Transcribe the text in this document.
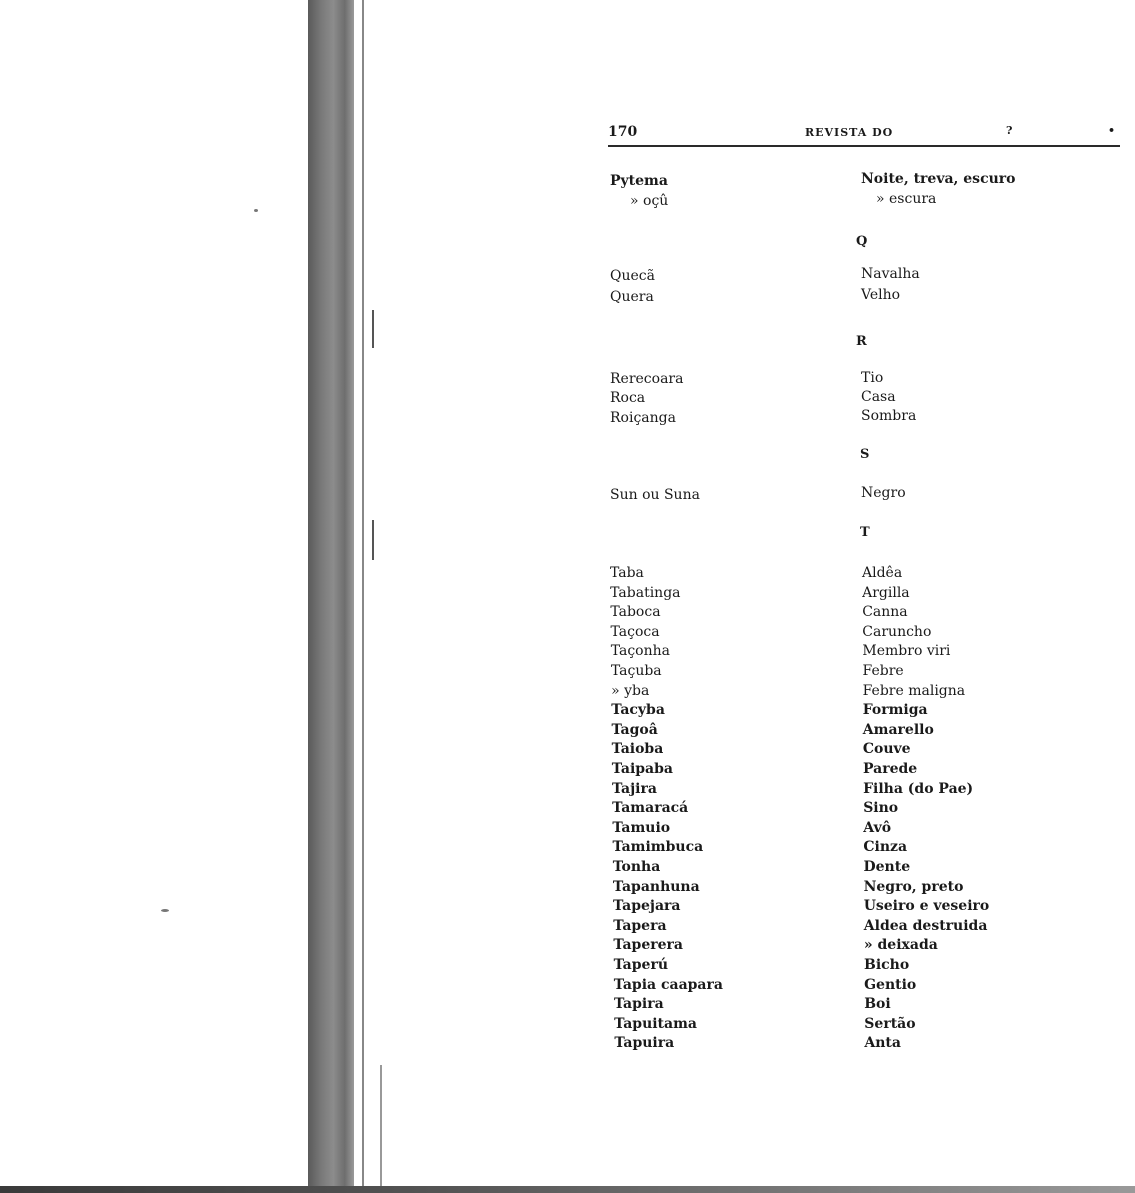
170	REVISTA DO	?	•
Pytema	Noite, treva, escuro
» oçû	» escura
Q
Quecã	Navalha
Quera	Velho
R
Rerecoara	Tio
Roca	Casa
Roiçanga	Sombra
S
Sun ou Suna	Negro
T
Taba	Aldêa
Tabatinga	Argilla
Taboca	Canna
Taçoca	Caruncho
Taçonha	Membro viri
Taçuba	Febre
» yba	Febre maligna
Tacyba	Formiga
Tagoâ	Amarello
Taioba	Couve
Taipaba	Parede
Tajira	Filha (do Pae)
Tamaracá	Sino
Tamuio	Avô
Tamimbuca	Cinza
Tonha	Dente
Tapanhuna	Negro, preto
Tapejara	Useiro e veseiro
Tapera	Aldea destruida
Taperera	» deixada
Taperú	Bicho
Tapia caapara	Gentio
Tapira	Boi
Tapuitama	Sertão
Tapuira	Anta
